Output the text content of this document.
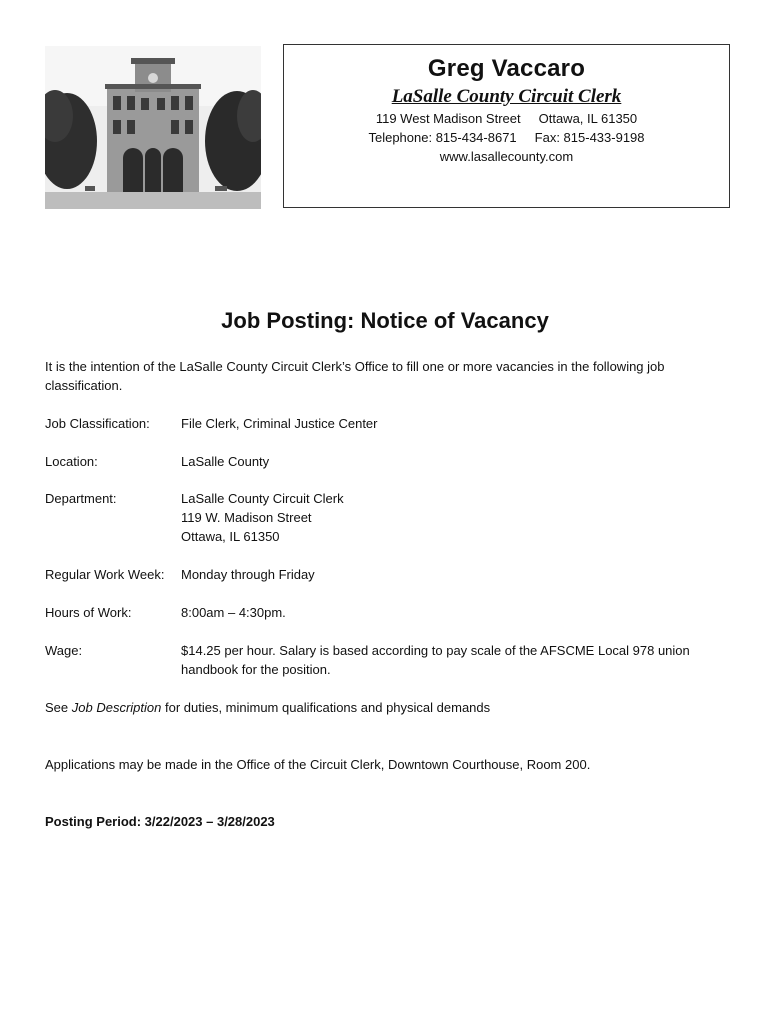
Greg Vaccaro
LaSalle County Circuit Clerk
119 West Madison Street Ottawa, IL 61350
Telephone: 815-434-8671 Fax: 815-433-9198
www.lasallecounty.com
Job Posting: Notice of Vacancy
It is the intention of the LaSalle County Circuit Clerk’s Office to fill one or more vacancies in the following job classification.
Job Classification:	File Clerk, Criminal Justice Center
Location:	LaSalle County
Department:	LaSalle County Circuit Clerk
119 W. Madison Street
Ottawa, IL 61350
Regular Work Week:	Monday through Friday
Hours of Work:	8:00am – 4:30pm.
Wage:	$14.25 per hour. Salary is based according to pay scale of the AFSCME Local 978 union handbook for the position.
See Job Description for duties, minimum qualifications and physical demands
Applications may be made in the Office of the Circuit Clerk, Downtown Courthouse, Room 200.
Posting Period: 3/22/2023 – 3/28/2023
